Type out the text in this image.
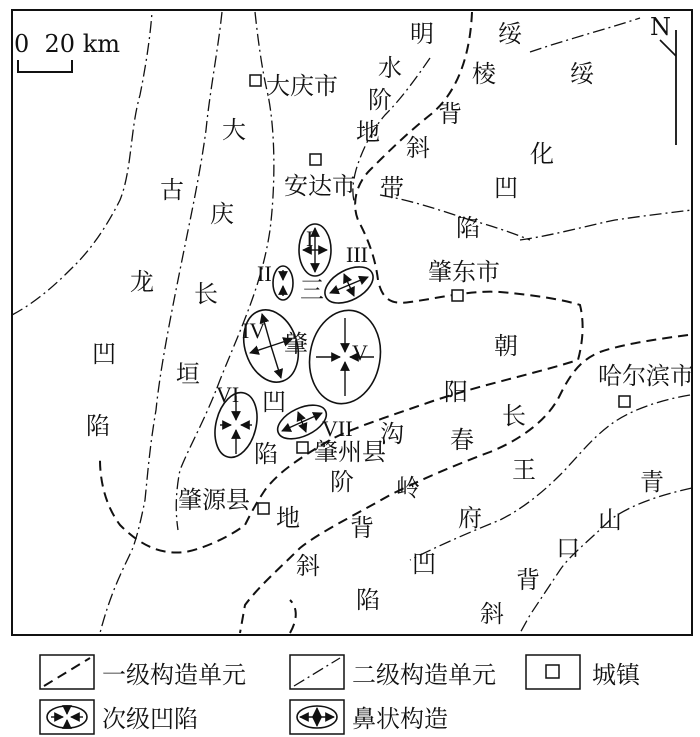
0  20 km
N
大庆市
安达市
肇东市
哈尔滨市
肇州县
肇源县
明
水
阶
地
带
绥
棱
背
斜
绥
化
凹
陷
古
龙
凹
陷
大
庆
长
垣
三
肇
凹
陷
朝
阳
沟
阶
地
长
春
岭
背
斜
王
府
凹
陷
青
山
口
背
斜
I
II
III
IV
V
VI
VII
一级构造单元	二级构造单元	城镇
次级凹陷	鼻状构造
